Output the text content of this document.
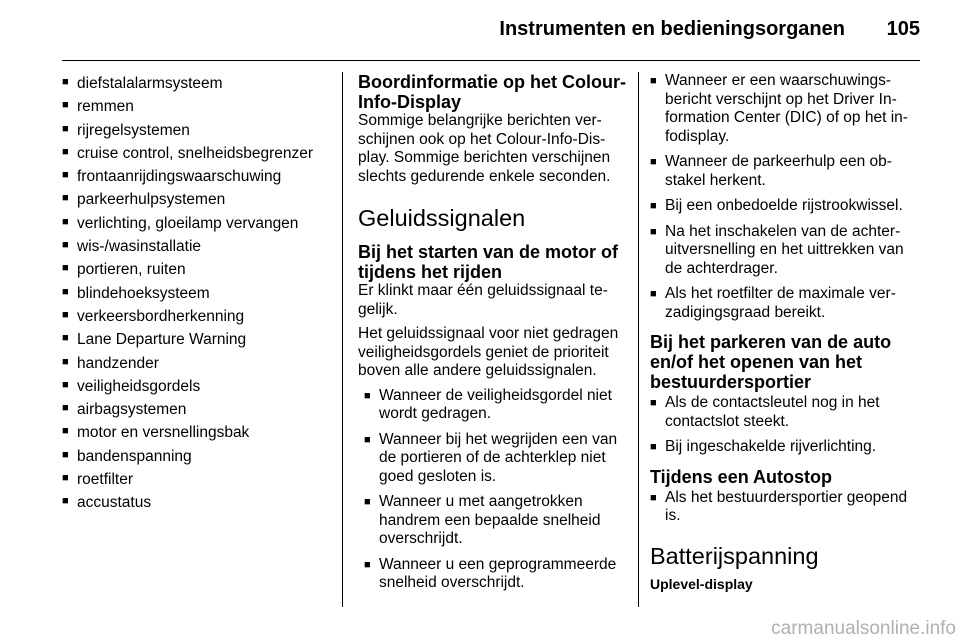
Instrumenten en bedieningsorganen 105
■ diefstalalarmsysteem
■ remmen
■ rijregelsystemen
■ cruise control, snelheidsbegrenzer
■ frontaanrijdingswaarschuwing
■ parkeerhulpsystemen
■ verlichting, gloeilamp vervangen
■ wis-/wasinstallatie
■ portieren, ruiten
■ blindehoeksysteem
■ verkeersbordherkenning
■ Lane Departure Warning
■ handzender
■ veiligheidsgordels
■ airbagsystemen
■ motor en versnellingsbak
■ bandenspanning
■ roetfilter
■ accustatus
Boordinformatie op het Colour-Info-Display
Sommige belangrijke berichten verschijnen ook op het Colour-Info-Display. Sommige berichten verschijnen slechts gedurende enkele seconden.
Geluidssignalen
Bij het starten van de motor of tijdens het rijden
Er klinkt maar één geluidssignaal tegelijk.
Het geluidssignaal voor niet gedragen veiligheidsgordels geniet de prioriteit boven alle andere geluidssignalen.
■ Wanneer de veiligheidsgordel niet wordt gedragen.
■ Wanneer bij het wegrijden een van de portieren of de achterklep niet goed gesloten is.
■ Wanneer u met aangetrokken handrem een bepaalde snelheid overschrijdt.
■ Wanneer u een geprogrammeerde snelheid overschrijdt.
■ Wanneer er een waarschuwingsbericht verschijnt op het Driver Information Center (DIC) of op het infodisplay.
■ Wanneer de parkeerhulp een obstakel herkent.
■ Bij een onbedoelde rijstrookwissel.
■ Na het inschakelen van de achteruitversnelling en het uittrekken van de achterdrager.
■ Als het roetfilter de maximale verzadigingsgraad bereikt.
Bij het parkeren van de auto en/of het openen van het bestuurdersportier
■ Als de contactsleutel nog in het contactslot steekt.
■ Bij ingeschakelde rijverlichting.
Tijdens een Autostop
■ Als het bestuurdersportier geopend is.
Batterijspanning
Uplevel-display
carmanualsonline.info
